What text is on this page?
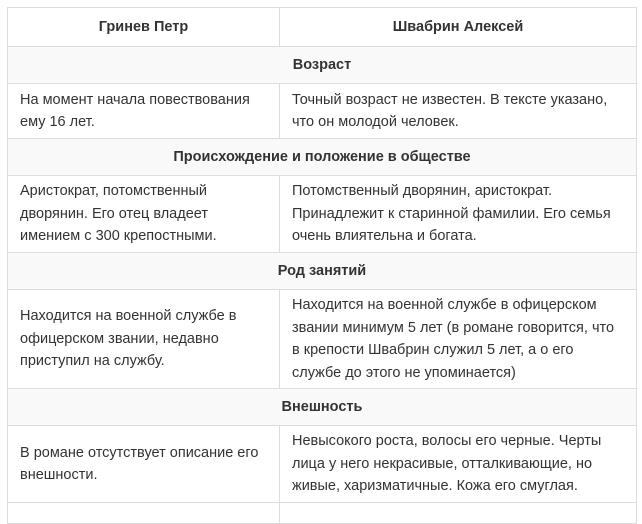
Гринев Петр	Швабрин Алексей
Возраст	
На момент начала повествования ему 16 лет.	Точный возраст не известен. В тексте указано, что он молодой человек.
Происхождение и положение в обществе	
Аристократ, потомственный дворянин. Его отец владеет имением с 300 крепостными.	Потомственный дворянин, аристократ. Принадлежит к старинной фамилии. Его семья очень влиятельна и богата.
Род занятий	
Находится на военной службе в офицерском звании, недавно приступил на службу.	Находится на военной службе в офицерском звании минимум 5 лет (в романе говорится, что в крепости Швабрин служил 5 лет, а о его службе до этого не упоминается)
Внешность	
В романе отсутствует описание его внешности.	Невысокого роста, волосы его черные. Черты лица у него некрасивые, отталкивающие, но живые, харизматичные. Кожа его смуглая.
